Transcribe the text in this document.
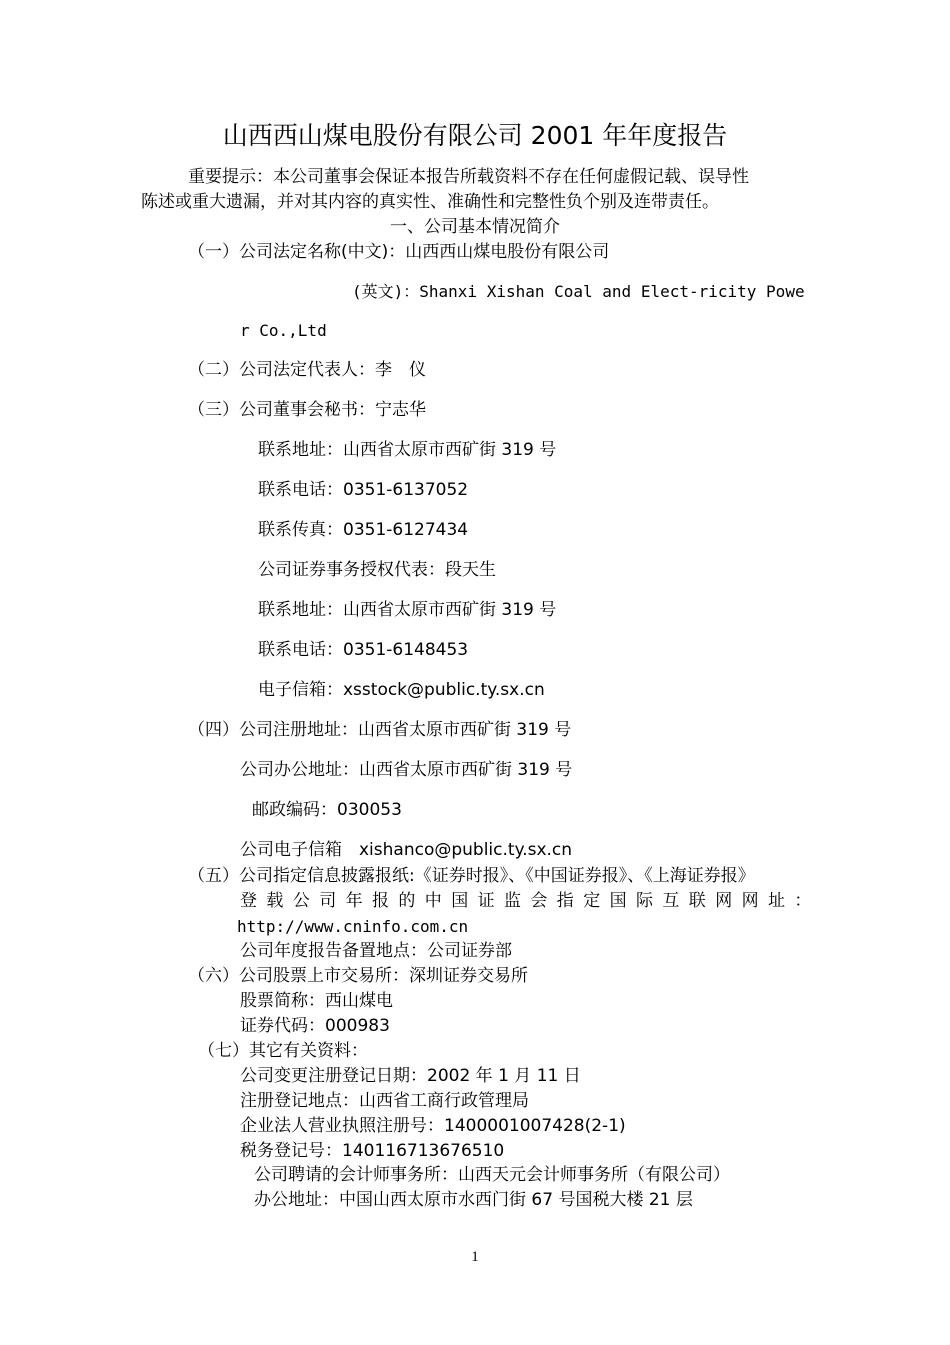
山西西山煤电股份有限公司 2001 年年度报告
重要提示：本公司董事会保证本报告所载资料不存在任何虚假记载、误导性
陈述或重大遗漏，并对其内容的真实性、准确性和完整性负个别及连带责任。
一、公司基本情况简介
（一）公司法定名称(中文)：山西西山煤电股份有限公司
(英文)：Shanxi Xishan Coal and Elect-ricity Powe
r Co.,Ltd
（二）公司法定代表人：李　仪
（三）公司董事会秘书：宁志华
联系地址：山西省太原市西矿街 319 号
联系电话：0351-6137052
联系传真：0351-6127434
公司证券事务授权代表：段天生
联系地址：山西省太原市西矿街 319 号
联系电话：0351-6148453
电子信箱：xsstock@public.ty.sx.cn
（四）公司注册地址：山西省太原市西矿街 319 号
公司办公地址：山西省太原市西矿街 319 号
邮政编码：030053
公司电子信箱　xishanco@public.ty.sx.cn
（五）公司指定信息披露报纸:《证券时报》、《中国证券报》、《上海证券报》
登载公司年报的中国证监会指定国际互联网网址：
http://www.cninfo.com.cn
公司年度报告备置地点：公司证券部
（六）公司股票上市交易所：深圳证券交易所
股票简称：西山煤电
证券代码：000983
（七）其它有关资料：
公司变更注册登记日期：2002 年 1 月 11 日
注册登记地点：山西省工商行政管理局
企业法人营业执照注册号：1400001007428(2-1)
税务登记号：140116713676510
公司聘请的会计师事务所：山西天元会计师事务所（有限公司）
办公地址：中国山西太原市水西门街 67 号国税大楼 21 层
1
